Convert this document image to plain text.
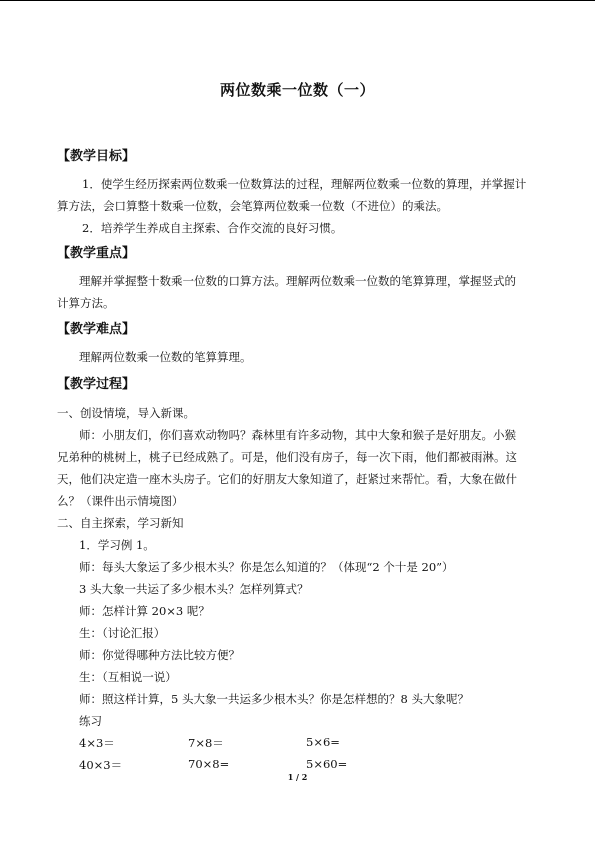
两位数乘一位数（一）
【教学目标】
1．使学生经历探索两位数乘一位数算法的过程，理解两位数乘一位数的算理，并掌握计
算方法，会口算整十数乘一位数，会笔算两位数乘一位数（不进位）的乘法。
2．培养学生养成自主探索、合作交流的良好习惯。
【教学重点】
理解并掌握整十数乘一位数的口算方法。理解两位数乘一位数的笔算算理，掌握竖式的
计算方法。
【教学难点】
理解两位数乘一位数的笔算算理。
【教学过程】
一、创设情境，导入新课。
师：小朋友们，你们喜欢动物吗？森林里有许多动物，其中大象和猴子是好朋友。小猴
兄弟种的桃树上，桃子已经成熟了。可是，他们没有房子，每一次下雨，他们都被雨淋。这
天，他们决定造一座木头房子。它们的好朋友大象知道了，赶紧过来帮忙。看，大象在做什
么？（课件出示情境图）
二、自主探索，学习新知
1．学习例 1。
师：每头大象运了多少根木头？你是怎么知道的？（体现“2 个十是 20”）
3 头大象一共运了多少根木头？怎样列算式？
师：怎样计算 20×3 呢？
生：（讨论汇报）
师：你觉得哪种方法比较方便？
生：（互相说一说）
师：照这样计算，5 头大象一共运多少根木头？你是怎样想的？8 头大象呢？
练习
4×3＝	7×8＝	5×6=
40×3＝	70×8=	5×60=
1 / 2
